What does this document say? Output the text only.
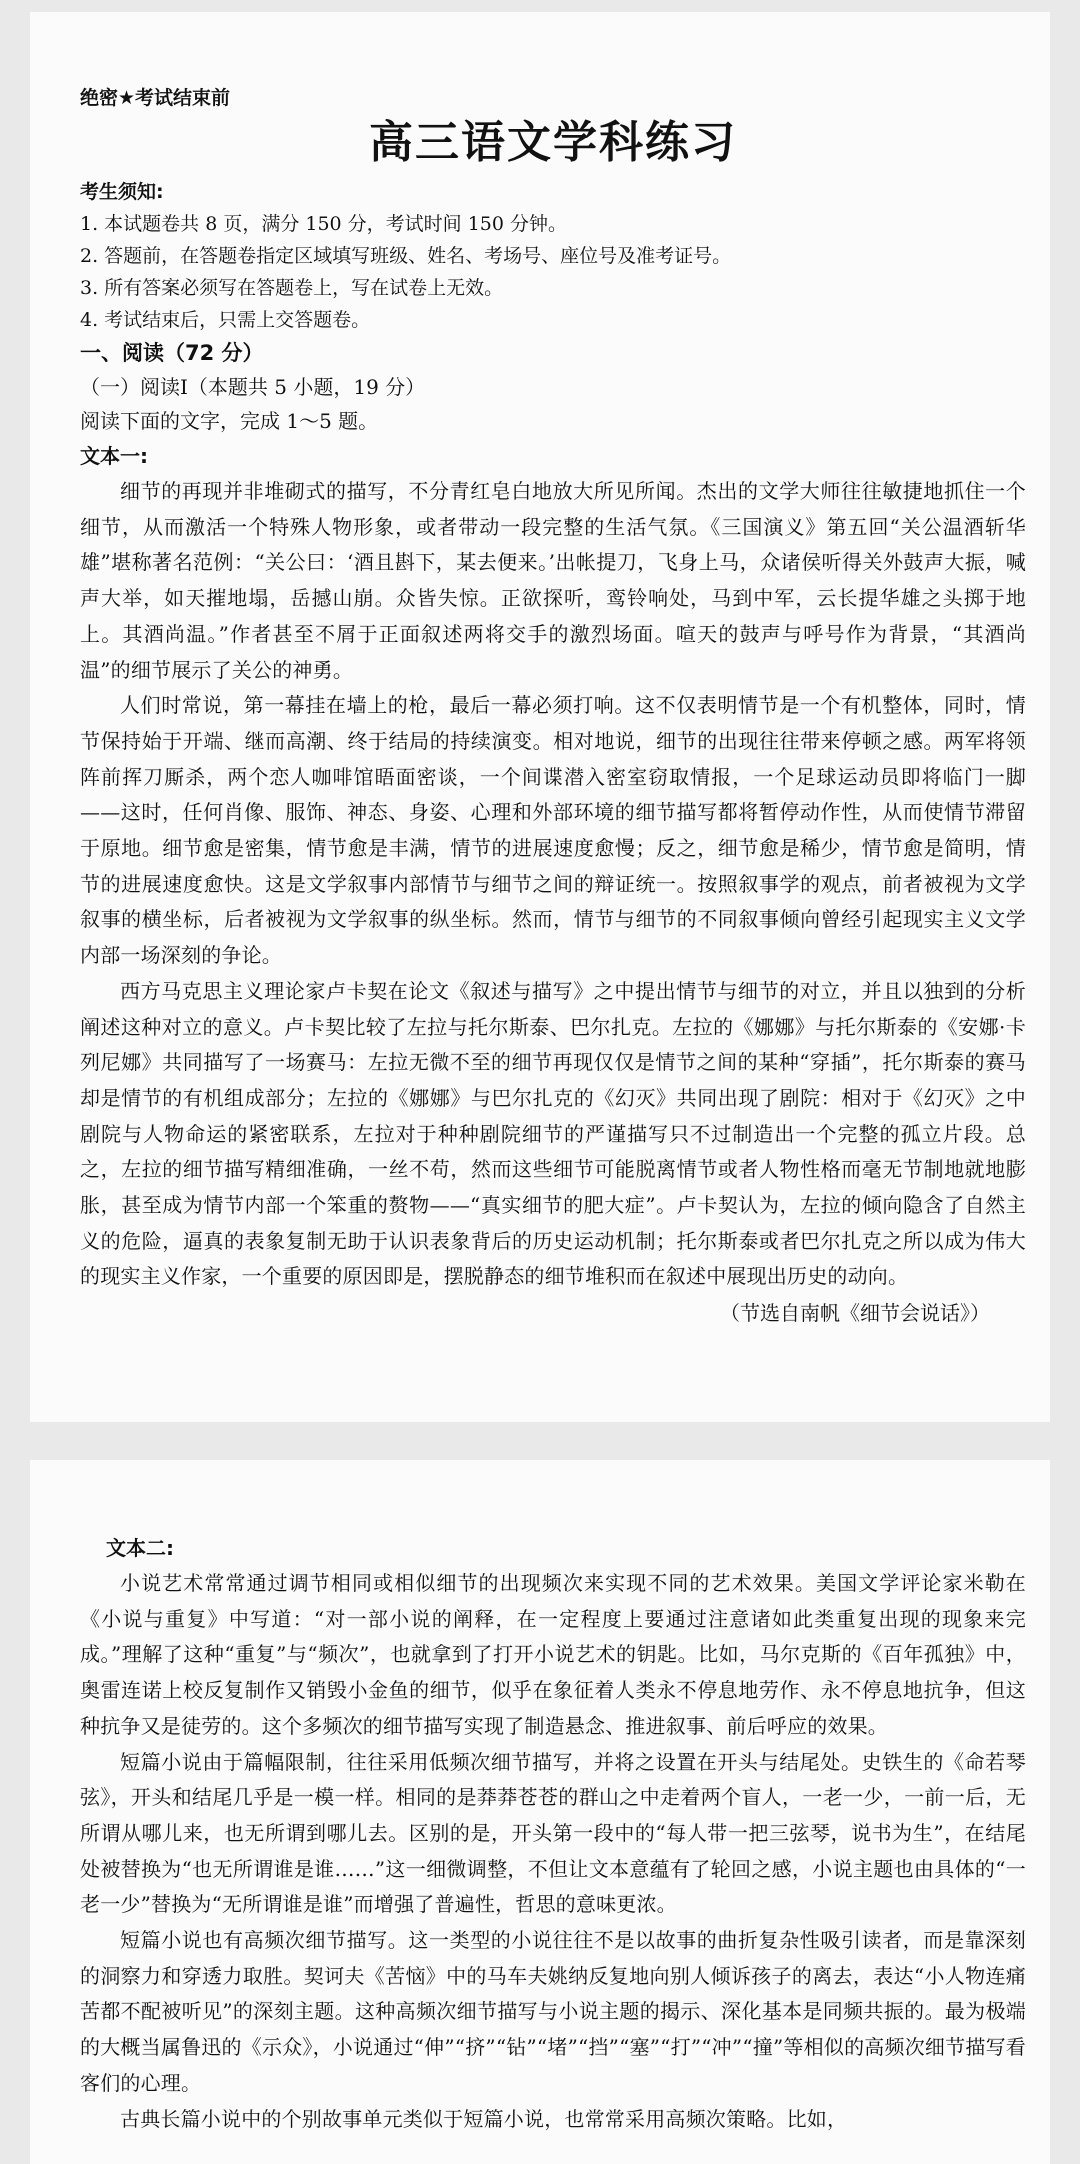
绝密★考试结束前

高三语文学科练习

考生须知:

1. 本试题卷共 8 页，满分 150 分，考试时间 150 分钟。

2. 答题前，在答题卷指定区域填写班级、姓名、考场号、座位号及准考证号。

3. 所有答案必须写在答题卷上，写在试卷上无效。

4. 考试结束后，只需上交答题卷。

一、阅读（72 分）

（一）阅读Ⅰ（本题共 5 小题，19 分）

阅读下面的文字，完成 1～5 题。

文本一:

细节的再现并非堆砌式的描写，不分青红皂白地放大所见所闻。杰出的文学大师往往敏捷地抓住一个细节，从而激活一个特殊人物形象，或者带动一段完整的生活气氛。《三国演义》第五回“关公温酒斩华雄”堪称著名范例：“关公曰：‘酒且斟下，某去便来。’出帐提刀，飞身上马，众诸侯听得关外鼓声大振，喊声大举，如天摧地塌，岳撼山崩。众皆失惊。正欲探听，鸾铃响处，马到中军，云长提华雄之头掷于地上。其酒尚温。”作者甚至不屑于正面叙述两将交手的激烈场面。喧天的鼓声与呼号作为背景，“其酒尚温”的细节展示了关公的神勇。

人们时常说，第一幕挂在墙上的枪，最后一幕必须打响。这不仅表明情节是一个有机整体，同时，情节保持始于开端、继而高潮、终于结局的持续演变。相对地说，细节的出现往往带来停顿之感。两军将领阵前挥刀厮杀，两个恋人咖啡馆晤面密谈，一个间谍潜入密室窃取情报，一个足球运动员即将临门一脚——这时，任何肖像、服饰、神态、身姿、心理和外部环境的细节描写都将暂停动作性，从而使情节滞留于原地。细节愈是密集，情节愈是丰满，情节的进展速度愈慢；反之，细节愈是稀少，情节愈是简明，情节的进展速度愈快。这是文学叙事内部情节与细节之间的辩证统一。按照叙事学的观点，前者被视为文学叙事的横坐标，后者被视为文学叙事的纵坐标。然而，情节与细节的不同叙事倾向曾经引起现实主义文学内部一场深刻的争论。

西方马克思主义理论家卢卡契在论文《叙述与描写》之中提出情节与细节的对立，并且以独到的分析阐述这种对立的意义。卢卡契比较了左拉与托尔斯泰、巴尔扎克。左拉的《娜娜》与托尔斯泰的《安娜·卡列尼娜》共同描写了一场赛马：左拉无微不至的细节再现仅仅是情节之间的某种“穿插”，托尔斯泰的赛马却是情节的有机组成部分；左拉的《娜娜》与巴尔扎克的《幻灭》共同出现了剧院：相对于《幻灭》之中剧院与人物命运的紧密联系，左拉对于种种剧院细节的严谨描写只不过制造出一个完整的孤立片段。总之，左拉的细节描写精细准确，一丝不苟，然而这些细节可能脱离情节或者人物性格而毫无节制地就地膨胀，甚至成为情节内部一个笨重的赘物——“真实细节的肥大症”。卢卡契认为，左拉的倾向隐含了自然主义的危险，逼真的表象复制无助于认识表象背后的历史运动机制；托尔斯泰或者巴尔扎克之所以成为伟大的现实主义作家，一个重要的原因即是，摆脱静态的细节堆积而在叙述中展现出历史的动向。

（节选自南帆《细节会说话》）

文本二:

小说艺术常常通过调节相同或相似细节的出现频次来实现不同的艺术效果。美国文学评论家米勒在《小说与重复》中写道：“对一部小说的阐释，在一定程度上要通过注意诸如此类重复出现的现象来完成。”理解了这种“重复”与“频次”，也就拿到了打开小说艺术的钥匙。比如，马尔克斯的《百年孤独》中，奥雷连诺上校反复制作又销毁小金鱼的细节，似乎在象征着人类永不停息地劳作、永不停息地抗争，但这种抗争又是徒劳的。这个多频次的细节描写实现了制造悬念、推进叙事、前后呼应的效果。

短篇小说由于篇幅限制，往往采用低频次细节描写，并将之设置在开头与结尾处。史铁生的《命若琴弦》，开头和结尾几乎是一模一样。相同的是莽莽苍苍的群山之中走着两个盲人，一老一少，一前一后，无所谓从哪儿来，也无所谓到哪儿去。区别的是，开头第一段中的“每人带一把三弦琴，说书为生”，在结尾处被替换为“也无所谓谁是谁……”这一细微调整，不但让文本意蕴有了轮回之感，小说主题也由具体的“一老一少”替换为“无所谓谁是谁”而增强了普遍性，哲思的意味更浓。

短篇小说也有高频次细节描写。这一类型的小说往往不是以故事的曲折复杂性吸引读者，而是靠深刻的洞察力和穿透力取胜。契诃夫《苦恼》中的马车夫姚纳反复地向别人倾诉孩子的离去，表达“小人物连痛苦都不配被听见”的深刻主题。这种高频次细节描写与小说主题的揭示、深化基本是同频共振的。最为极端的大概当属鲁迅的《示众》，小说通过“伸”“挤”“钻”“堵”“挡”“塞”“打”“冲”“撞”等相似的高频次细节描写看客们的心理。

古典长篇小说中的个别故事单元类似于短篇小说，也常常采用高频次策略。比如，
